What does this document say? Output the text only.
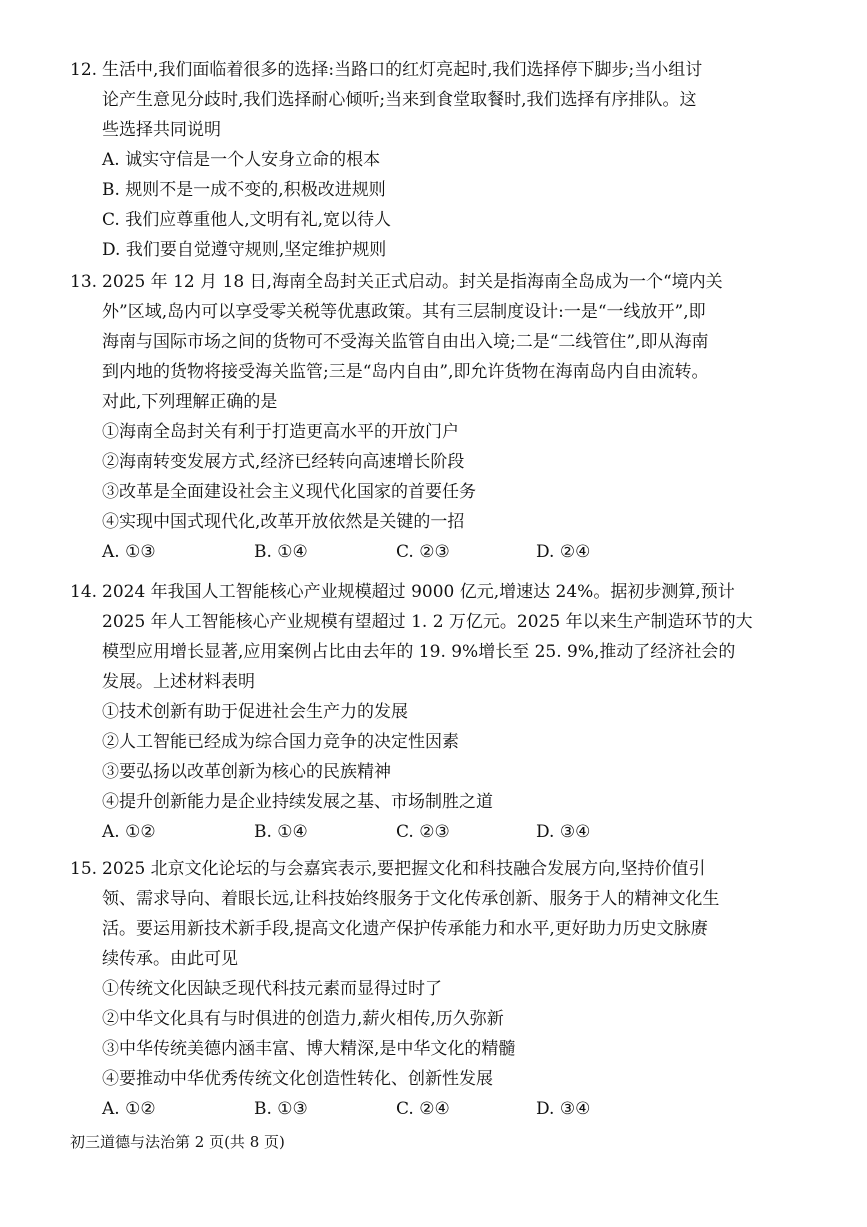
12. 生活中,我们面临着很多的选择:当路口的红灯亮起时,我们选择停下脚步;当小组讨
论产生意见分歧时,我们选择耐心倾听;当来到食堂取餐时,我们选择有序排队。这
些选择共同说明
A. 诚实守信是一个人安身立命的根本
B. 规则不是一成不变的,积极改进规则
C. 我们应尊重他人,文明有礼,宽以待人
D. 我们要自觉遵守规则,坚定维护规则
13. 2025 年 12 月 18 日,海南全岛封关正式启动。封关是指海南全岛成为一个“境内关
外”区域,岛内可以享受零关税等优惠政策。其有三层制度设计:一是“一线放开”,即
海南与国际市场之间的货物可不受海关监管自由出入境;二是“二线管住”,即从海南
到内地的货物将接受海关监管;三是“岛内自由”,即允许货物在海南岛内自由流转。
对此,下列理解正确的是
①海南全岛封关有利于打造更高水平的开放门户
②海南转变发展方式,经济已经转向高速增长阶段
③改革是全面建设社会主义现代化国家的首要任务
④实现中国式现代化,改革开放依然是关键的一招
A. ①③	B. ①④	C. ②③	D. ②④
14. 2024 年我国人工智能核心产业规模超过 9000 亿元,增速达 24%。据初步测算,预计
2025 年人工智能核心产业规模有望超过 1. 2 万亿元。2025 年以来生产制造环节的大
模型应用增长显著,应用案例占比由去年的 19. 9%增长至 25. 9%,推动了经济社会的
发展。上述材料表明
①技术创新有助于促进社会生产力的发展
②人工智能已经成为综合国力竞争的决定性因素
③要弘扬以改革创新为核心的民族精神
④提升创新能力是企业持续发展之基、市场制胜之道
A. ①②	B. ①④	C. ②③	D. ③④
15. 2025 北京文化论坛的与会嘉宾表示,要把握文化和科技融合发展方向,坚持价值引
领、需求导向、着眼长远,让科技始终服务于文化传承创新、服务于人的精神文化生
活。要运用新技术新手段,提高文化遗产保护传承能力和水平,更好助力历史文脉赓
续传承。由此可见
①传统文化因缺乏现代科技元素而显得过时了
②中华文化具有与时俱进的创造力,薪火相传,历久弥新
③中华传统美德内涵丰富、博大精深,是中华文化的精髓
④要推动中华优秀传统文化创造性转化、创新性发展
A. ①②	B. ①③	C. ②④	D. ③④
初三道德与法治第 2 页(共 8 页)
